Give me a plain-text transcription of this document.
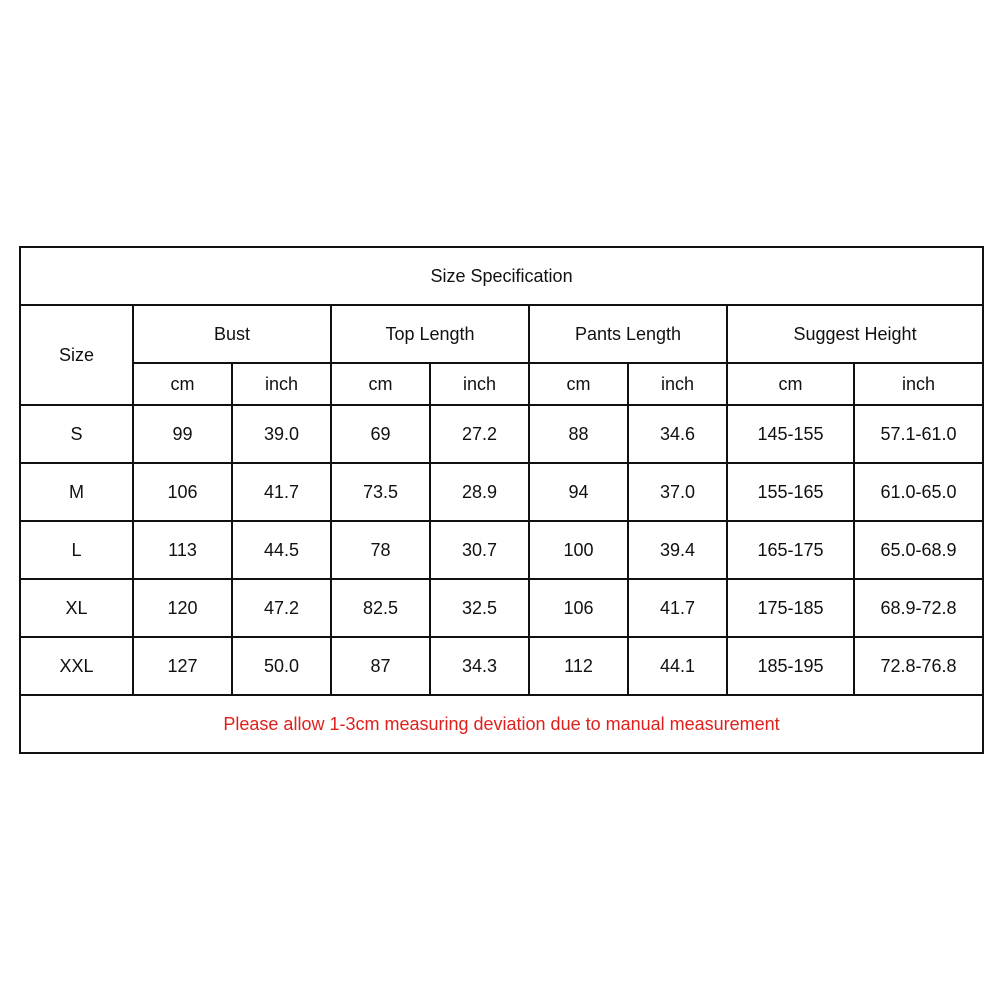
Size Specification								
Size	Bust		Top Length		Pants Length		Suggest Height	
	cm	inch	cm	inch	cm	inch	cm	inch
S	99	39.0	69	27.2	88	34.6	145-155	57.1-61.0
M	106	41.7	73.5	28.9	94	37.0	155-165	61.0-65.0
L	113	44.5	78	30.7	100	39.4	165-175	65.0-68.9
XL	120	47.2	82.5	32.5	106	41.7	175-185	68.9-72.8
XXL	127	50.0	87	34.3	112	44.1	185-195	72.8-76.8
Please allow 1-3cm measuring deviation due to manual measurement								
